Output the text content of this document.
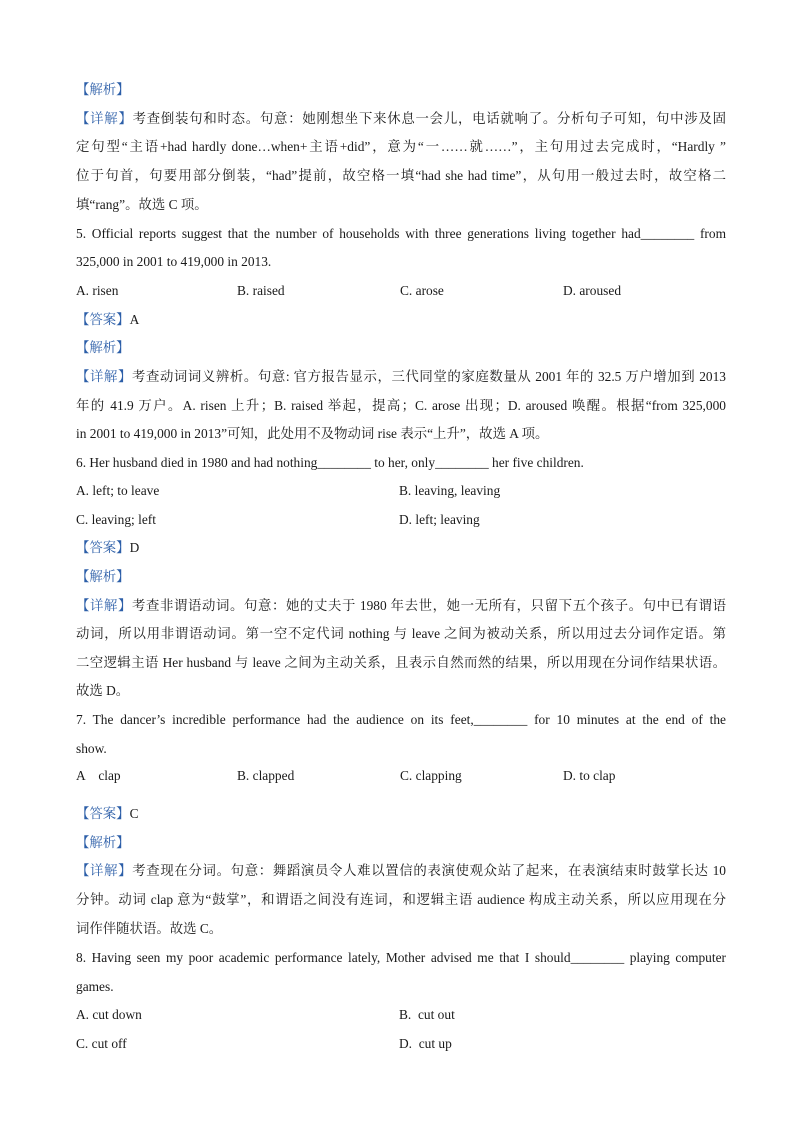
【解析】
【详解】考查倒装句和时态。句意：她刚想坐下来休息一会儿，电话就响了。分析句子可知，句中涉及固
定句型“主语+had hardly done…when+主语+did”，意为“一……就……”，主句用过去完成时，“Hardly ”
位于句首，句要用部分倒装，“had”提前，故空格一填“had she had time”，从句用一般过去时，故空格二
填“rang”。故选 C 项。
5. Official reports suggest that the number of households with three generations living together had________ from
325,000 in 2001 to 419,000 in 2013.
A. risen	B. raised	C. arose	D. aroused
【答案】A
【解析】
【详解】考查动词词义辨析。句意: 官方报告显示，三代同堂的家庭数量从 2001 年的 32.5 万户增加到 2013
年的 41.9 万户。A. risen 上升；B. raised 举起，提高；C. arose 出现；D. aroused 唤醒。根据“from 325,000
in 2001 to 419,000 in 2013”可知，此处用不及物动词 rise 表示“上升”，故选 A 项。
6. Her husband died in 1980 and had nothing________ to her, only________ her five children.
A. left; to leave	B. leaving, leaving
C. leaving; left	D. left; leaving
【答案】D
【解析】
【详解】考查非谓语动词。句意：她的丈夫于 1980 年去世，她一无所有，只留下五个孩子。句中已有谓语
动词，所以用非谓语动词。第一空不定代词 nothing 与 leave 之间为被动关系，所以用过去分词作定语。第
二空逻辑主语 Her husband 与 leave 之间为主动关系，且表示自然而然的结果，所以用现在分词作结果状语。
故选 D。
7. The dancer’s incredible performance had the audience on its feet,________ for 10 minutes at the end of the
show.
A    clap	B. clapped	C. clapping	D. to clap
【答案】C
【解析】
【详解】考查现在分词。句意：舞蹈演员令人难以置信的表演使观众站了起来，在表演结束时鼓掌长达 10
分钟。动词 clap 意为“鼓掌”，和谓语之间没有连词，和逻辑主语 audience 构成主动关系，所以应用现在分
词作伴随状语。故选 C。
8. Having seen my poor academic performance lately, Mother advised me that I should________ playing computer
games.
A. cut down	B.  cut out
C. cut off	D.  cut up
